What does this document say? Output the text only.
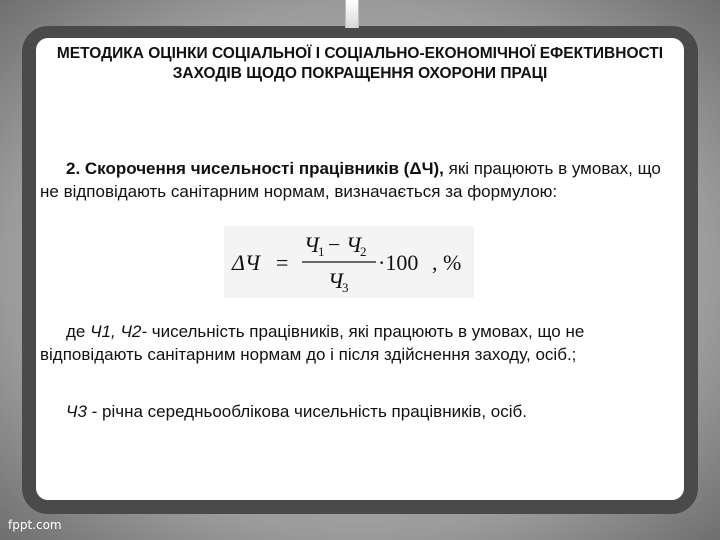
МЕТОДИКА ОЦІНКИ СОЦІАЛЬНОЇ І СОЦІАЛЬНО-ЕКОНОМІЧНОЇ ЕФЕКТИВНОСТІ ЗАХОДІВ ЩОДО ПОКРАЩЕННЯ ОХОРОНИ ПРАЦІ
2. Скорочення чисельності працівників (ΔЧ), які працюють в умовах, що не відповідають санітарним нормам, визначається за формулою:
ΔЧ =
Ч
1 − Ч
2
Ч
3
·100 , %
де Ч1, Ч2- чисельність працівників, які працюють в умовах, що не відповідають санітарним нормам до і після здійснення заходу, осіб.;
Ч3 - річна середньооблікова чисельність працівників, осіб.
fppt.com
